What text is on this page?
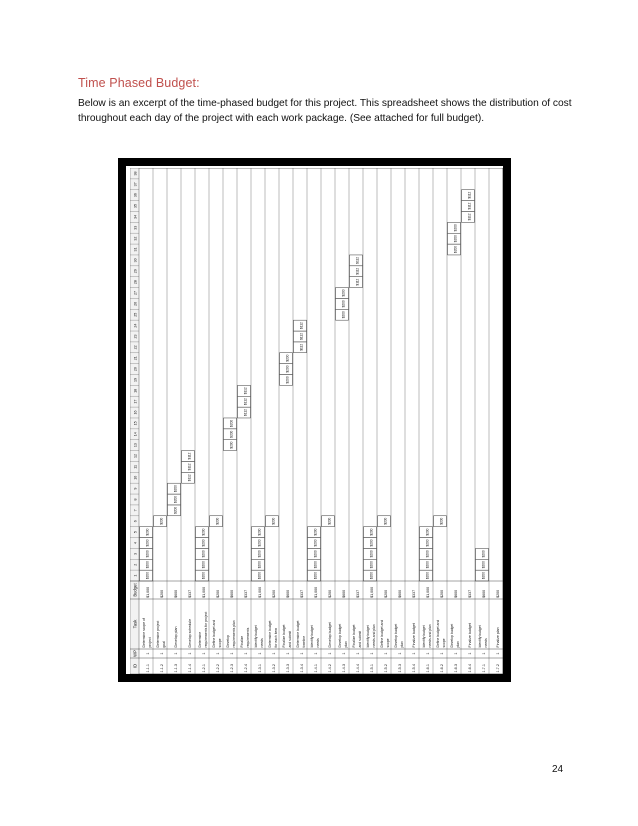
Time Phased Budget:
Below is an excerpt of the time-phased budget for this project. This spreadsheet shows the distribution of cost throughout each day of the project with each work package. (See attached for full budget).
ID
WP
Task
Budget
1
2
3
4
5
6
7
8
9
10
11
12
13
14
15
16
17
18
19
20
21
22
23
24
25
26
27
28
29
30
31
32
33
34
35
36
37
38
1.1.1
1
Determine scope of project
$1,000
$200
$200
$200
$200
$200
1.1.2
1
Determine project goal
$200
$200
1.1.3
1
Develop plan
$600
$200
$200
$200
1.1.4
1
Develop schedule
$337
$112
$112
$112
1.2.1
1
Determine requirements for project
$1,000
$200
$200
$200
$200
$200
1.2.2
1
Define budget and scope
$200
$200
1.2.3
1
Develop requirements plan
$600
$200
$200
$200
1.2.4
1
Finalize requirements
$337
$112
$112
$112
1.3.1
1
Identify budget needs
$1,000
$200
$200
$200
$200
$200
1.3.2
1
Determine budget for each item
$200
$200
1.3.3
1
Finalize budget and submit
$600
$200
$200
$200
1.3.4
1
Determine budget timeline
$337
$112
$112
$112
1.4.1
1
Identify budget needs
$1,000
$200
$200
$200
$200
$200
1.4.2
1
Develop budget
$200
$200
1.4.3
1
Develop budget plan
$600
$200
$200
$200
1.4.4
1
Finalize budget and submit
$337
$112
$112
$112
1.5.1
1
Identify budget needs and plan
$1,000
$200
$200
$200
$200
$200
1.5.2
1
Define budget and scope
$200
$200
1.5.3
1
Develop budget plan
$600
1.5.4
1
Finalize budget
$337
1.6.1
1
Identify budget needs and plan
$1,000
$200
$200
$200
$200
$200
1.6.2
1
Define budget and scope
$200
$200
1.6.3
1
Develop budget plan
$600
$200
$200
$200
1.6.4
1
Finalize budget
$337
$112
$112
$112
1.7.1
1
Identify budget needs
$600
$200
$200
$200
1.7.2
1
Finalize plan
$200
24
